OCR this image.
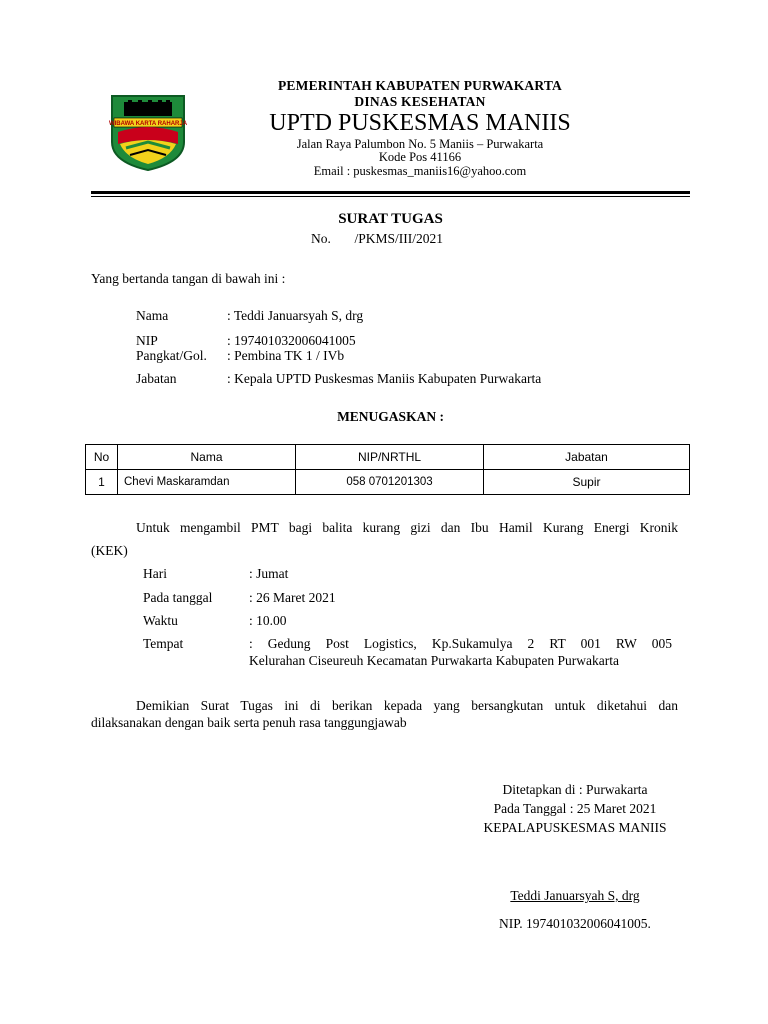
WIBAWA KARTA RAHARJA
PEMERINTAH KABUPATEN PURWAKARTA
DINAS KESEHATAN
UPTD PUSKESMAS MANIIS
Jalan Raya Palumbon No. 5 Maniis – Purwakarta
Kode Pos 41166
Email : puskesmas_maniis16@yahoo.com
SURAT TUGAS
No.       /PKMS/III/2021
Yang bertanda tangan di bawah ini :
Nama	: Teddi Januarsyah S, drg
NIP	: 197401032006041005
Pangkat/Gol. : Pembina TK 1 / IVb
Jabatan	: Kepala UPTD Puskesmas Maniis Kabupaten Purwakarta
MENUGASKAN :
No	Nama	NIP/NRTHL	Jabatan
1	Chevi Maskaramdan	058 0701201303	Supir
Untuk mengambil PMT bagi balita kurang gizi dan Ibu Hamil Kurang Energi Kronik
(KEK)
Hari	: Jumat
Pada tanggal	: 26 Maret 2021
Waktu	: 10.00
Tempat	: Gedung Post Logistics, Kp.Sukamulya 2 RT 001 RW 005
Kelurahan Ciseureuh Kecamatan Purwakarta Kabupaten Purwakarta
Demikian Surat Tugas ini di berikan kepada yang bersangkutan untuk diketahui dan
dilaksanakan dengan baik serta penuh rasa tanggungjawab
Ditetapkan di : Purwakarta
Pada Tanggal : 25 Maret 2021
KEPALAPUSKESMAS MANIIS
Teddi Januarsyah S, drg
NIP. 197401032006041005.
